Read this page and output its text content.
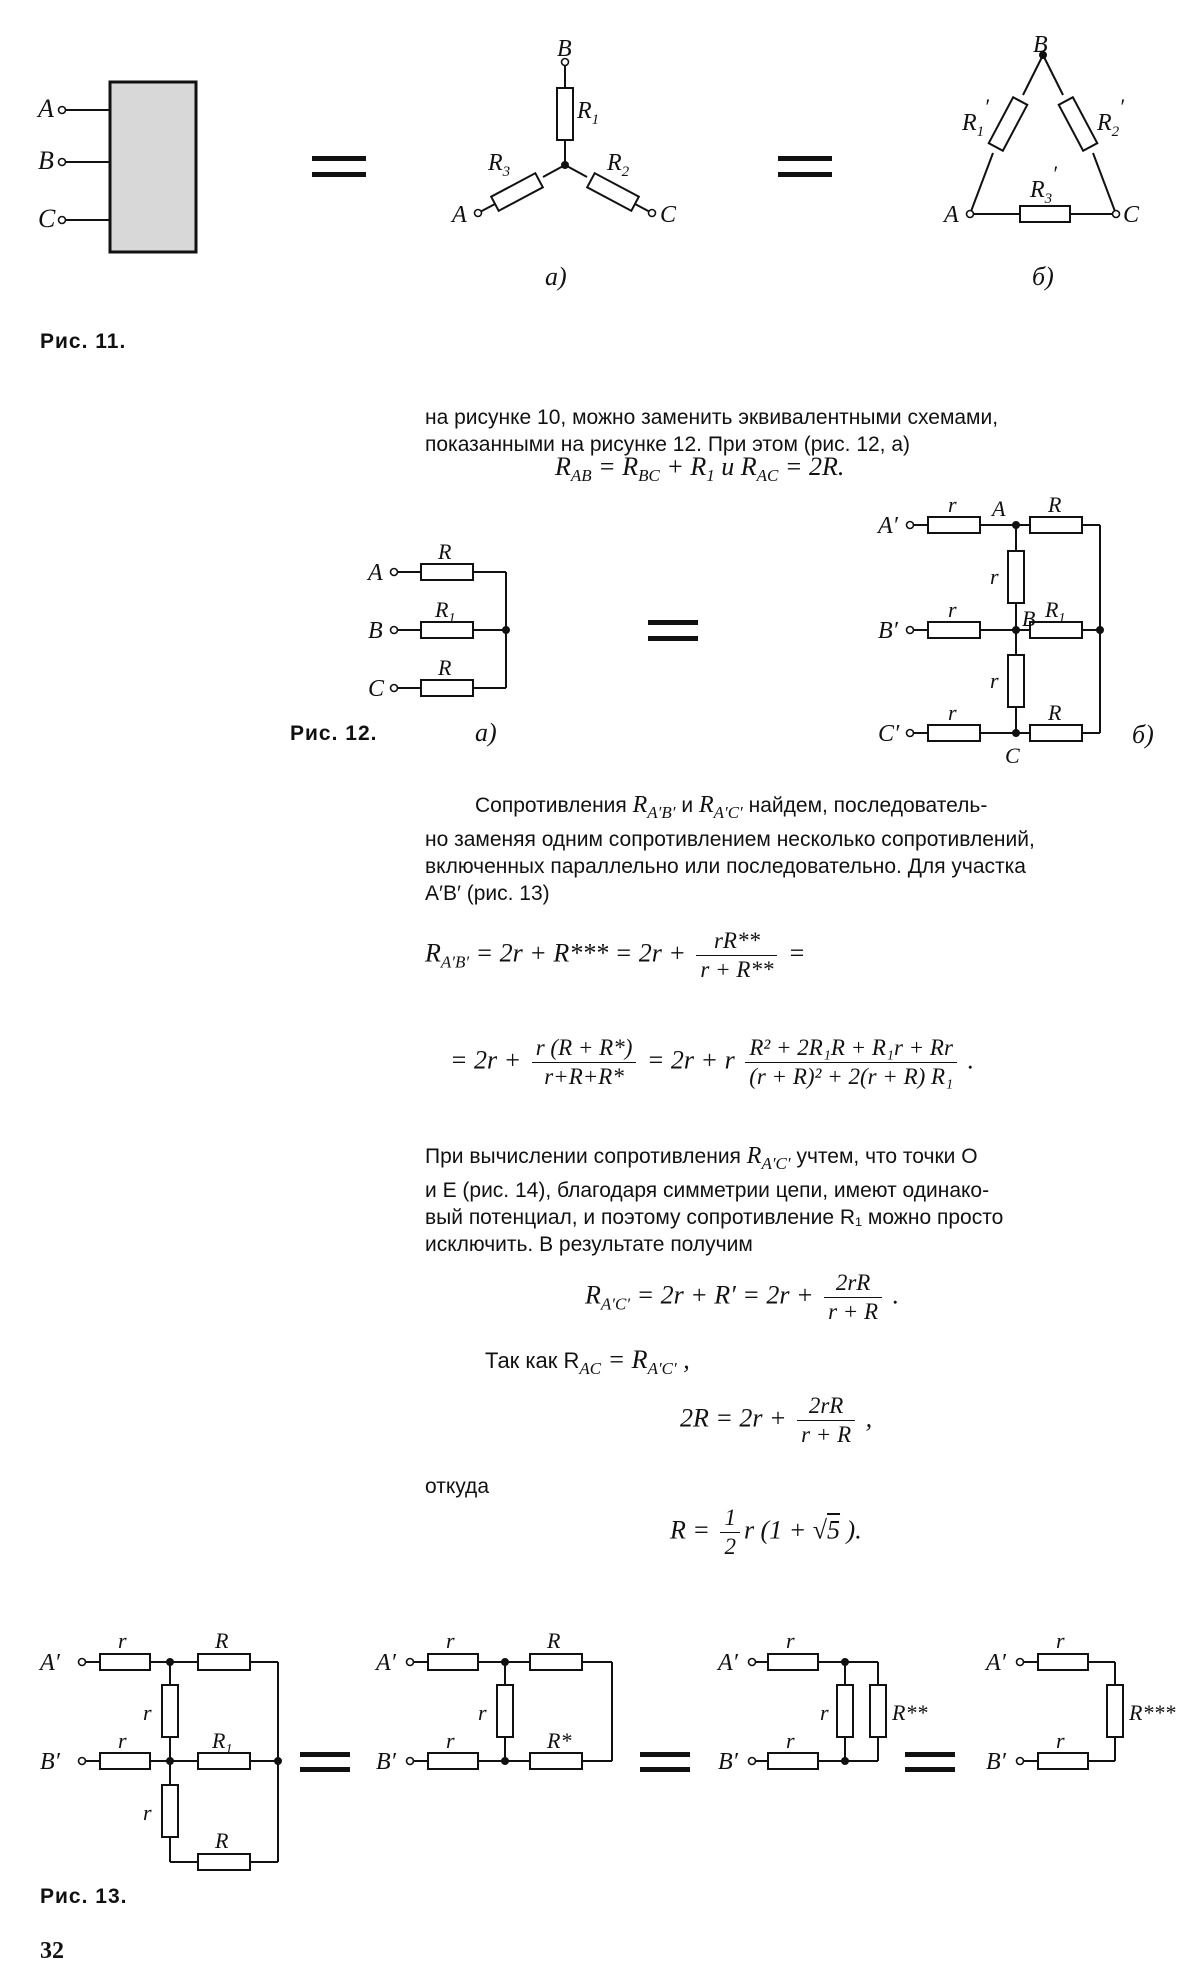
A
B
C
B
A	C
$R_1$
$R_3$	$R_2$
B
A	C
$R_1'$
$R_2'$
$R_3'$
a)	б)
Рис. 11.
на рисунке 10, можно заменить эквивалентными схемами,
показанными на рисунке 12. При этом (рис. 12, а)
$R_{AB} = R_{BC} + R_1$ и $R_{AC} = 2R$.
A
B
C
R
$R_1$
R
A′
B′
C′
A
B
C
r	R
r	$R_1$
r	R
r
r
Рис. 12.	a)	б)
Сопротивления $R_{A'B'}$ и $R_{A'C'}$ найдем, последователь-
но заменяя одним сопротивлением несколько сопротивлений,
включенных параллельно или последовательно. Для участка
A′B′ (рис. 13)
$R_{A'B'} = 2r + R*** = 2r + \frac{rR**}{r + R**}$ =
= $2r + \frac{r (R + R*)}{r+R+R*} = 2r + r \frac{\text{R² + 2R₁R + R₁r + Rr}}{\text{(r + R)² + 2(r + R) R₁}}$ .
При вычислении сопротивления $R_{A'C'}$ учтем, что точки O
и E (рис. 14), благодаря симметрии цепи, имеют одинако-
вый потенциал, и поэтому сопротивление R₁ можно просто
исключить. В результате получим
$R_{A'C'} = 2r + R' = 2r + \frac{2rR}{r + R}$ .
Так как $R_{AC} = R_{A'C'}$ ,
$2R = 2r + \frac{2rR}{r + R}$ ,
откуда
$R = \frac{1}{2}$ r (1 + √5 ).
A′
B′
r	R
r	$R_1$
r
r
R
A′
B′
r	R
r	R*
r
A′
B′
r
r
r	R**
A′
B′
r
r
R***
Рис. 13.
32
